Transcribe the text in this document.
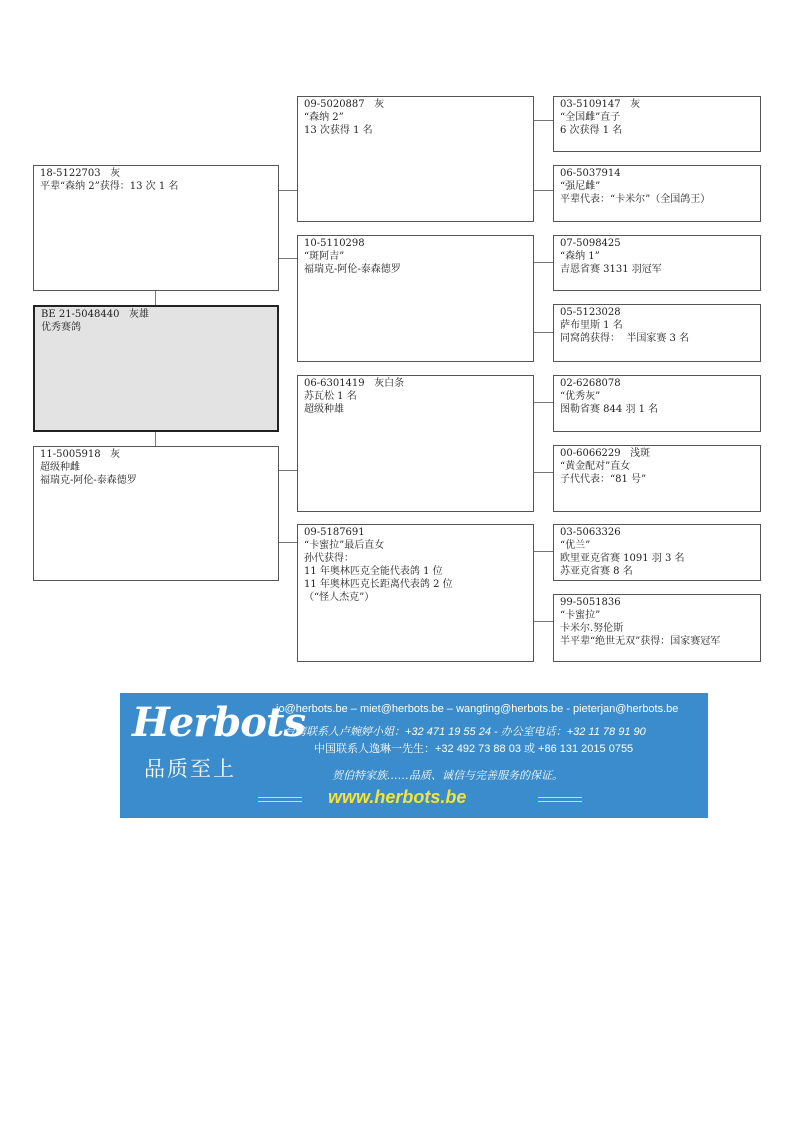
BE 21-5048440   灰雄
优秀赛鸽
18-5122703   灰
平辈“森纳 2”获得：13 次 1 名
11-5005918   灰
超级种雌
福瑞克-阿伦-泰森德罗
09-5020887   灰
“森纳 2”
13 次获得 1 名
10-5110298
“斑阿吉”
福瑞克-阿伦-泰森德罗
06-6301419   灰白条
苏瓦松 1 名
超级种雄
09-5187691
“卡蜜拉”最后直女
孙代获得：
11 年奥林匹克全能代表鸽 1 位
11 年奥林匹克长距离代表鸽 2 位
（“怪人杰克”）
03-5109147   灰
“全国雌”直子
6 次获得 1 名
06-5037914
“强尼雌”
平辈代表：“卡米尔”（全国鸽王）
07-5098425
“森纳 1”
吉恩省赛 3131 羽冠军
05-5123028
萨布里斯 1 名
同窝鸽获得：  半国家赛 3 名
02-6268078
“优秀灰”
图勒省赛 844 羽 1 名
00-6066229   浅斑
“黄金配对”直女
子代代表：“81 号”
03-5063326
“优兰”
欧里亚克省赛 1091 羽 3 名
苏亚克省赛 8 名
99-5051836
“卡蜜拉”
卡米尔.努伦斯
半平辈“绝世无双”获得：国家赛冠军
Herbots
品质至上
jo@herbots.be – miet@herbots.be – wangting@herbots.be - pieterjan@herbots.be
台湾联系人卢婉婷小姐：+32 471 19 55 24 - 办公室电话：+32 11 78 91 90
中国联系人逸琳一先生：+32 492 73 88 03 或 +86 131 2015 0755
贺伯特家族……品质、诚信与完善服务的保证。
www.herbots.be
